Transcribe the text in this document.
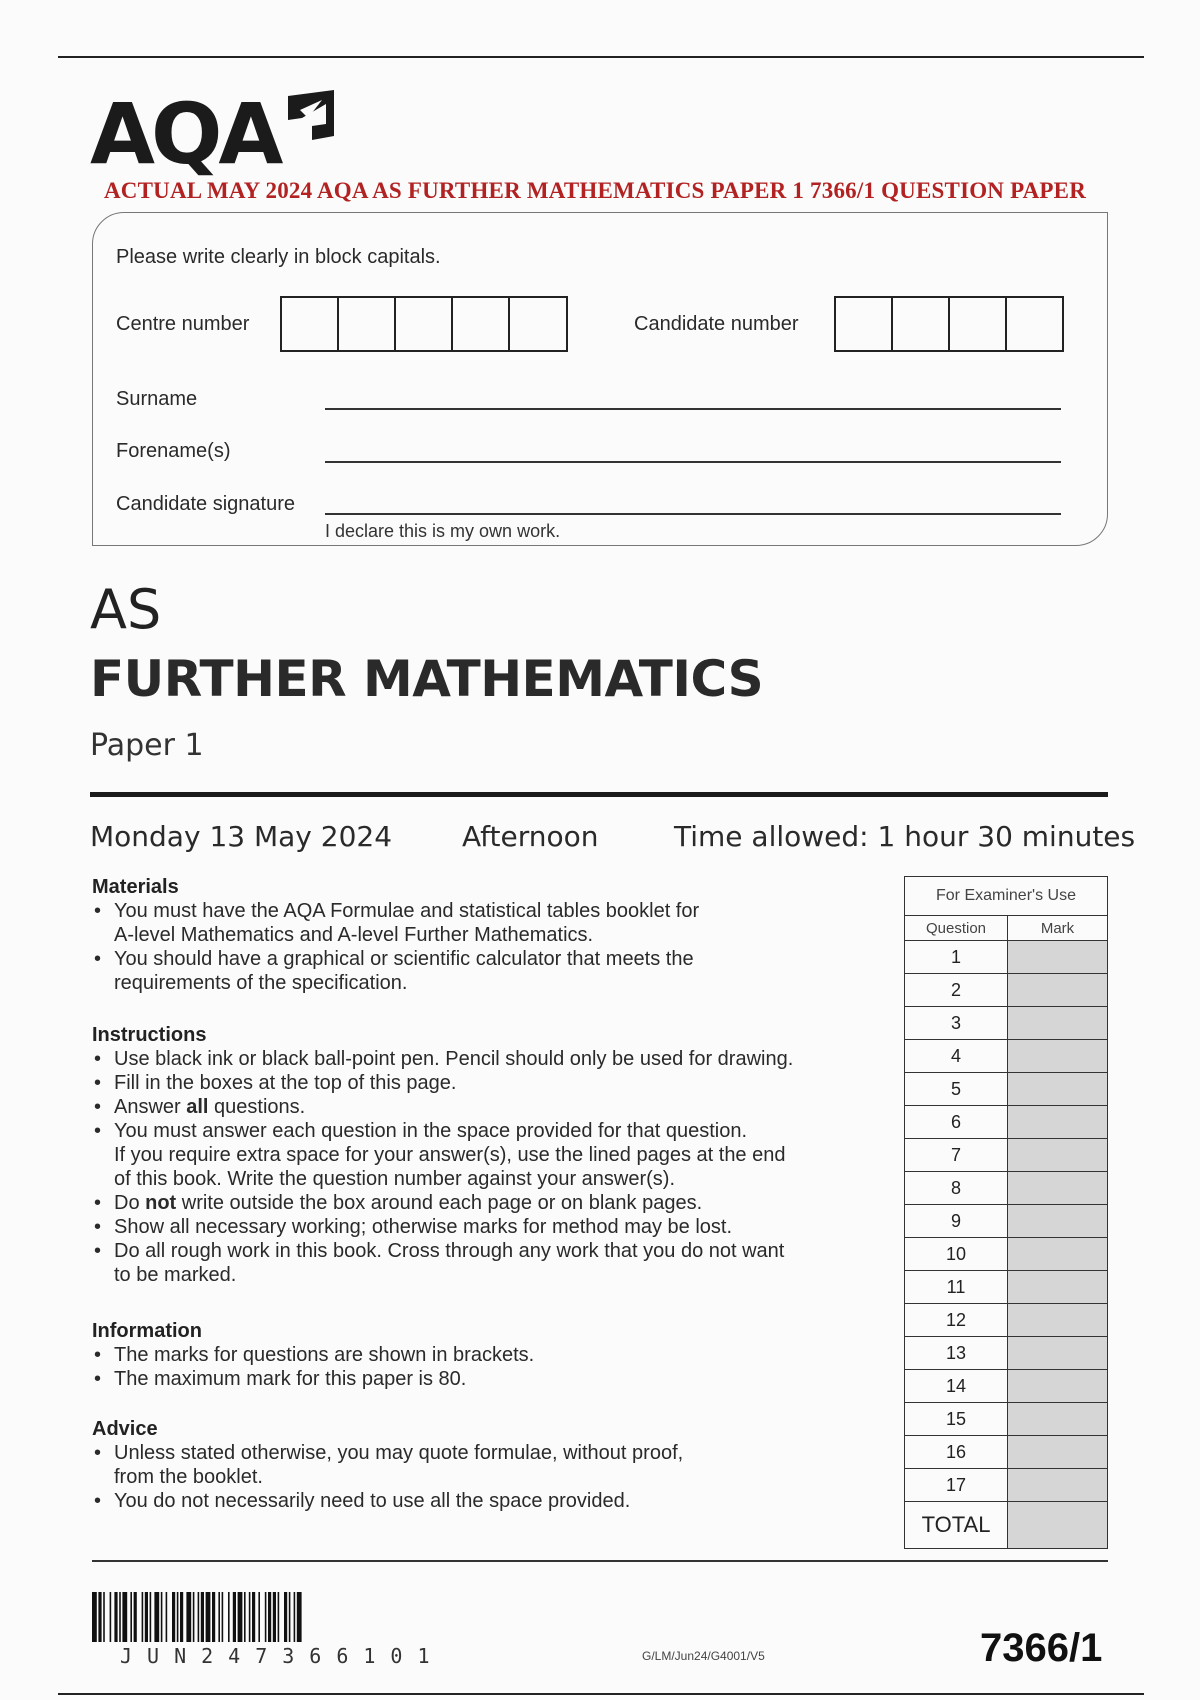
AQA
ACTUAL MAY 2024 AQA AS FURTHER MATHEMATICS PAPER 1 7366/1 QUESTION PAPER
Please write clearly in block capitals.
Centre number	Candidate number
Surname
Forename(s)
Candidate signature
I declare this is my own work.
AS
FURTHER MATHEMATICS
Paper 1
Monday 13 May 2024 Afternoon	Time allowed: 1 hour 30 minutes
Materials
• You must have the AQA Formulae and statistical tables booklet for
A-level Mathematics and A-level Further Mathematics.
• You should have a graphical or scientific calculator that meets the
requirements of the specification.
Instructions
• Use black ink or black ball-point pen. Pencil should only be used for drawing.
• Fill in the boxes at the top of this page.
• Answer all questions.
• You must answer each question in the space provided for that question.
If you require extra space for your answer(s), use the lined pages at the end
of this book. Write the question number against your answer(s).
• Do not write outside the box around each page or on blank pages.
• Show all necessary working; otherwise marks for method may be lost.
• Do all rough work in this book. Cross through any work that you do not want
to be marked.
Information
• The marks for questions are shown in brackets.
• The maximum mark for this paper is 80.
Advice
• Unless stated otherwise, you may quote formulae, without proof,
from the booklet.
• You do not necessarily need to use all the space provided.
For Examiner's Use	
Question	Mark
1	
2	
3	
4	
5	
6	
7	
8	
9	
10	
11	
12	
13	
14	
15	
16	
17	
TOTAL	
JUN247366101	G/LM/Jun24/G4001/V5	7366/1
